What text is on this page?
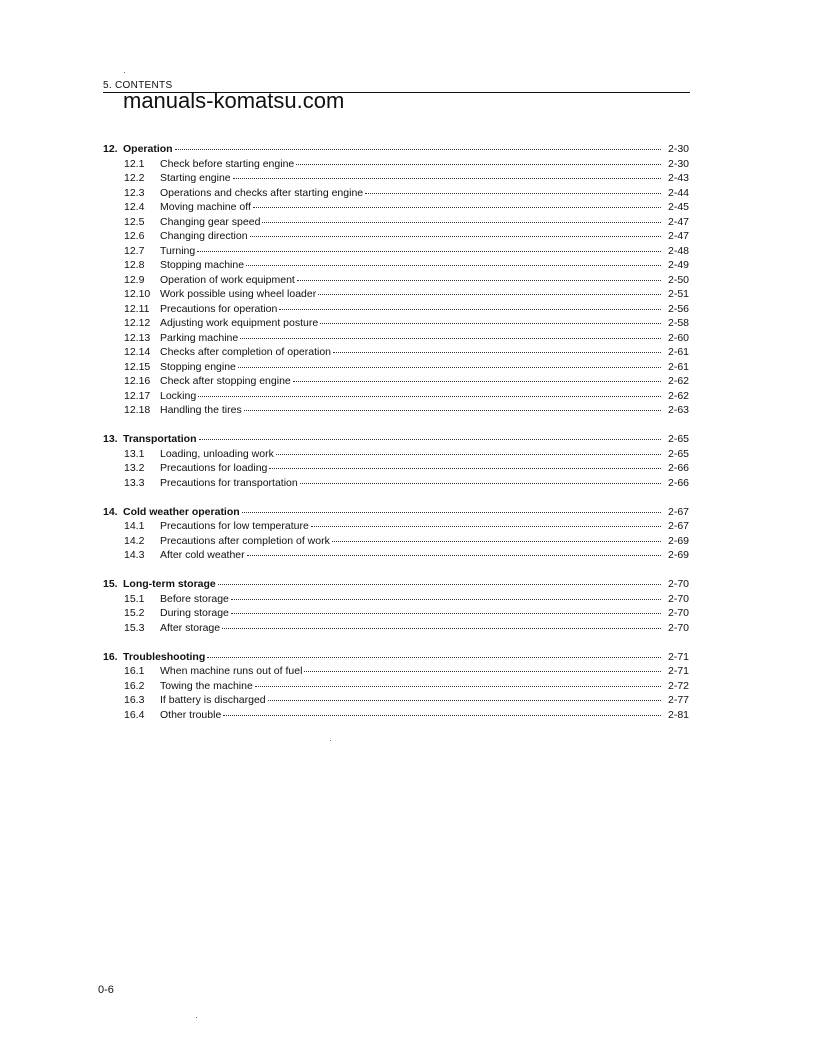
5. CONTENTS
manuals-komatsu.com
12. Operation	2-30
12.1	Check before starting engine	2-30
12.2	Starting engine	2-43
12.3	Operations and checks after starting engine	2-44
12.4	Moving machine off	2-45
12.5	Changing gear speed	2-47
12.6	Changing direction	2-47
12.7	Turning	2-48
12.8	Stopping machine	2-49
12.9	Operation of work equipment	2-50
12.10 Work possible using wheel loader	2-51
12.11	Precautions for operation	2-56
12.12 Adjusting work equipment posture	2-58
12.13 Parking machine	2-60
12.14 Checks after completion of operation	2-61
12.15 Stopping engine	2-61
12.16 Check after stopping engine	2-62
12.17 Locking	2-62
12.18 Handling the tires	2-63
13. Transportation	2-65
13.1	Loading, unloading work	2-65
13.2	Precautions for loading	2-66
13.3	Precautions for transportation	2-66
14. Cold weather operation	2-67
14.1	Precautions for low temperature	2-67
14.2	Precautions after completion of work	2-69
14.3	After cold weather	2-69
15. Long-term storage	2-70
15.1	Before storage	2-70
15.2	During storage	2-70
15.3	After storage	2-70
16. Troubleshooting	2-71
16.1	When machine runs out of fuel	2-71
16.2	Towing the machine	2-72
16.3	If battery is discharged	2-77
16.4	Other trouble	2-81
0-6
